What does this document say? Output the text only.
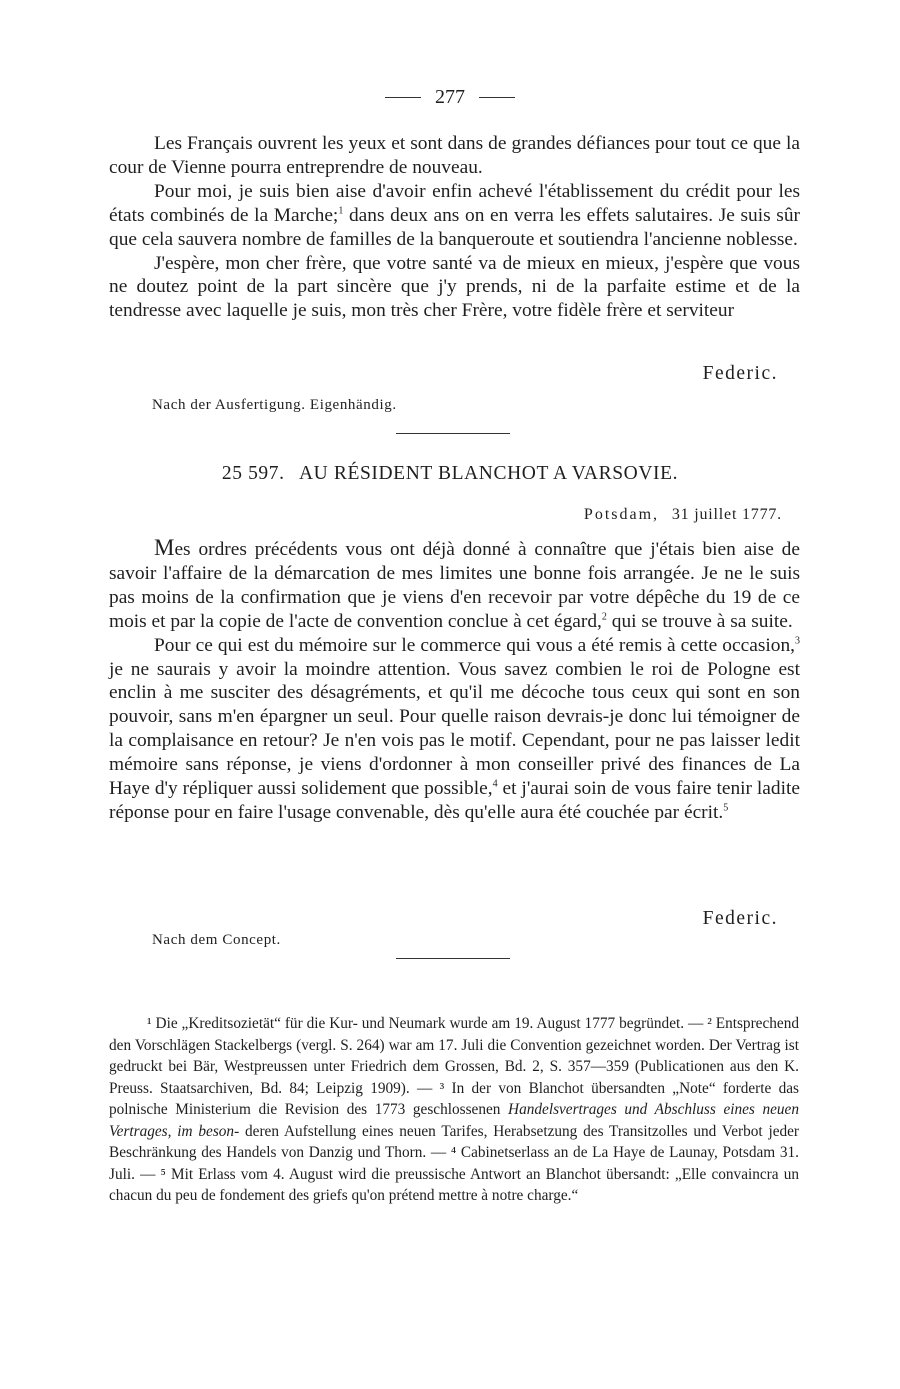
277

Les Français ouvrent les yeux et sont dans de grandes défiances pour tout ce que la cour de Vienne pourra entreprendre de nouveau.

Pour moi, je suis bien aise d'avoir enfin achevé l'établissement du crédit pour les états combinés de la Marche;$^1$ dans deux ans on en verra les effets salutaires. Je suis sûr que cela sauvera nombre de familles de la banqueroute et soutiendra l'ancienne noblesse.

J'espère, mon cher frère, que votre santé va de mieux en mieux, j'espère que vous ne doutez point de la part sincère que j'y prends, ni de la parfaite estime et de la tendresse avec laquelle je suis, mon très cher Frère, votre fidèle frère et serviteur

Federic.
Nach der Ausfertigung. Eigenhändig.
25 597. AU RÉSIDENT BLANCHOT A VARSOVIE.
Potsdam, 31 juillet 1777.

Mes ordres précédents vous ont déjà donné à connaître que j'étais bien aise de savoir l'affaire de la démarcation de mes limites une bonne fois arrangée. Je ne le suis pas moins de la confirmation que je viens d'en recevoir par votre dépêche du 19 de ce mois et par la copie de l'acte de convention conclue à cet égard,$^2$ qui se trouve à sa suite.

Pour ce qui est du mémoire sur le commerce qui vous a été remis à cette occasion,$^3$ je ne saurais y avoir la moindre attention. Vous savez combien le roi de Pologne est enclin à me susciter des désagréments, et qu'il me décoche tous ceux qui sont en son pouvoir, sans m'en épargner un seul. Pour quelle raison devrais-je donc lui témoigner de la complaisance en retour? Je n'en vois pas le motif. Cependant, pour ne pas laisser ledit mémoire sans réponse, je viens d'ordonner à mon conseiller privé des finances de La Haye d'y répliquer aussi solidement que possible,$^4$ et j'aurai soin de vous faire tenir ladite réponse pour en faire l'usage convenable, dès qu'elle aura été couchée par écrit.$^5$

Federic.
Nach dem Concept.

¹ Die „Kreditsozietät“ für die Kur- und Neumark wurde am 19. August 1777 begründet. — ² Entsprechend den Vorschlägen Stackelbergs (vergl. S. 264) war am 17. Juli die Convention gezeichnet worden. Der Vertrag ist gedruckt bei Bär, Westpreussen unter Friedrich dem Grossen, Bd. 2, S. 357—359 (Publicationen aus den K. Preuss. Staatsarchiven, Bd. 84; Leipzig 1909). — ³ In der von Blanchot übersandten „Note“ forderte das polnische Ministerium die Revision des 1773 geschlossenen Handelsvertrages und Abschluss eines neuen Vertrages, im beson- deren Aufstellung eines neuen Tarifes, Herabsetzung des Transitzolles und Verbot jeder Beschränkung des Handels von Danzig und Thorn. — ⁴ Cabinetserlass an de La Haye de Launay, Potsdam 31. Juli. — ⁵ Mit Erlass vom 4. August wird die preussische Antwort an Blanchot übersandt: „Elle convaincra un chacun du peu de fondement des griefs qu'on prétend mettre à notre charge.“
